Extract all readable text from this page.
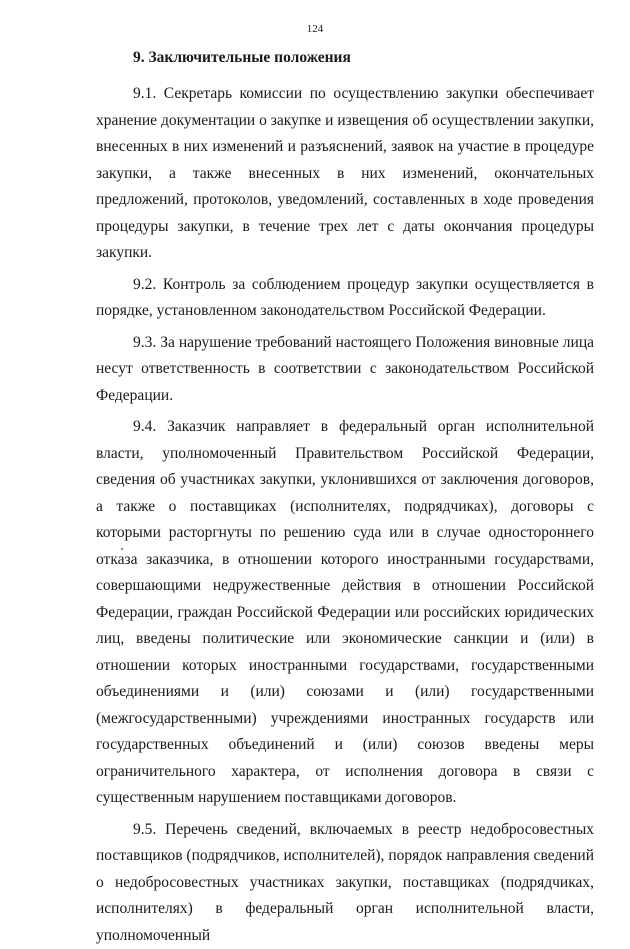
124
9. Заключительные положения

9.1. Секретарь комиссии по осуществлению закупки обеспечивает хранение документации о закупке и извещения об осуществлении закупки, внесенных в них изменений и разъяснений, заявок на участие в процедуре закупки, а также внесенных в них изменений, окончательных предложений, протоколов, уведомлений, составленных в ходе проведения процедуры закупки, в течение трех лет с даты окончания процедуры закупки.

9.2. Контроль за соблюдением процедур закупки осуществляется в порядке, установленном законодательством Российской Федерации.

9.3. За нарушение требований настоящего Положения виновные лица несут ответственность в соответствии с законодательством Российской Федерации.

9.4. Заказчик направляет в федеральный орган исполнительной власти, уполномоченный Правительством Российской Федерации, сведения об участниках закупки, уклонившихся от заключения договоров, а также о поставщиках (исполнителях, подрядчиках), договоры с которыми расторгнуты по решению суда или в случае одностороннего отказа заказчика, в отношении которого иностранными государствами, совершающими недружественные действия в отношении Российской Федерации, граждан Российской Федерации или российских юридических лиц, введены политические или экономические санкции и (или) в отношении которых иностранными государствами, государственными объединениями и (или) союзами и (или) государственными (межгосударственными) учреждениями иностранных государств или государственных объединений и (или) союзов введены меры ограничительного характера, от исполнения договора в связи с существенным нарушением поставщиками договоров.

9.5. Перечень сведений, включаемых в реестр недобросовестных поставщиков (подрядчиков, исполнителей), порядок направления сведений о недобросовестных участниках закупки, поставщиках (подрядчиках, исполнителях) в федеральный орган исполнительной власти, уполномоченный
